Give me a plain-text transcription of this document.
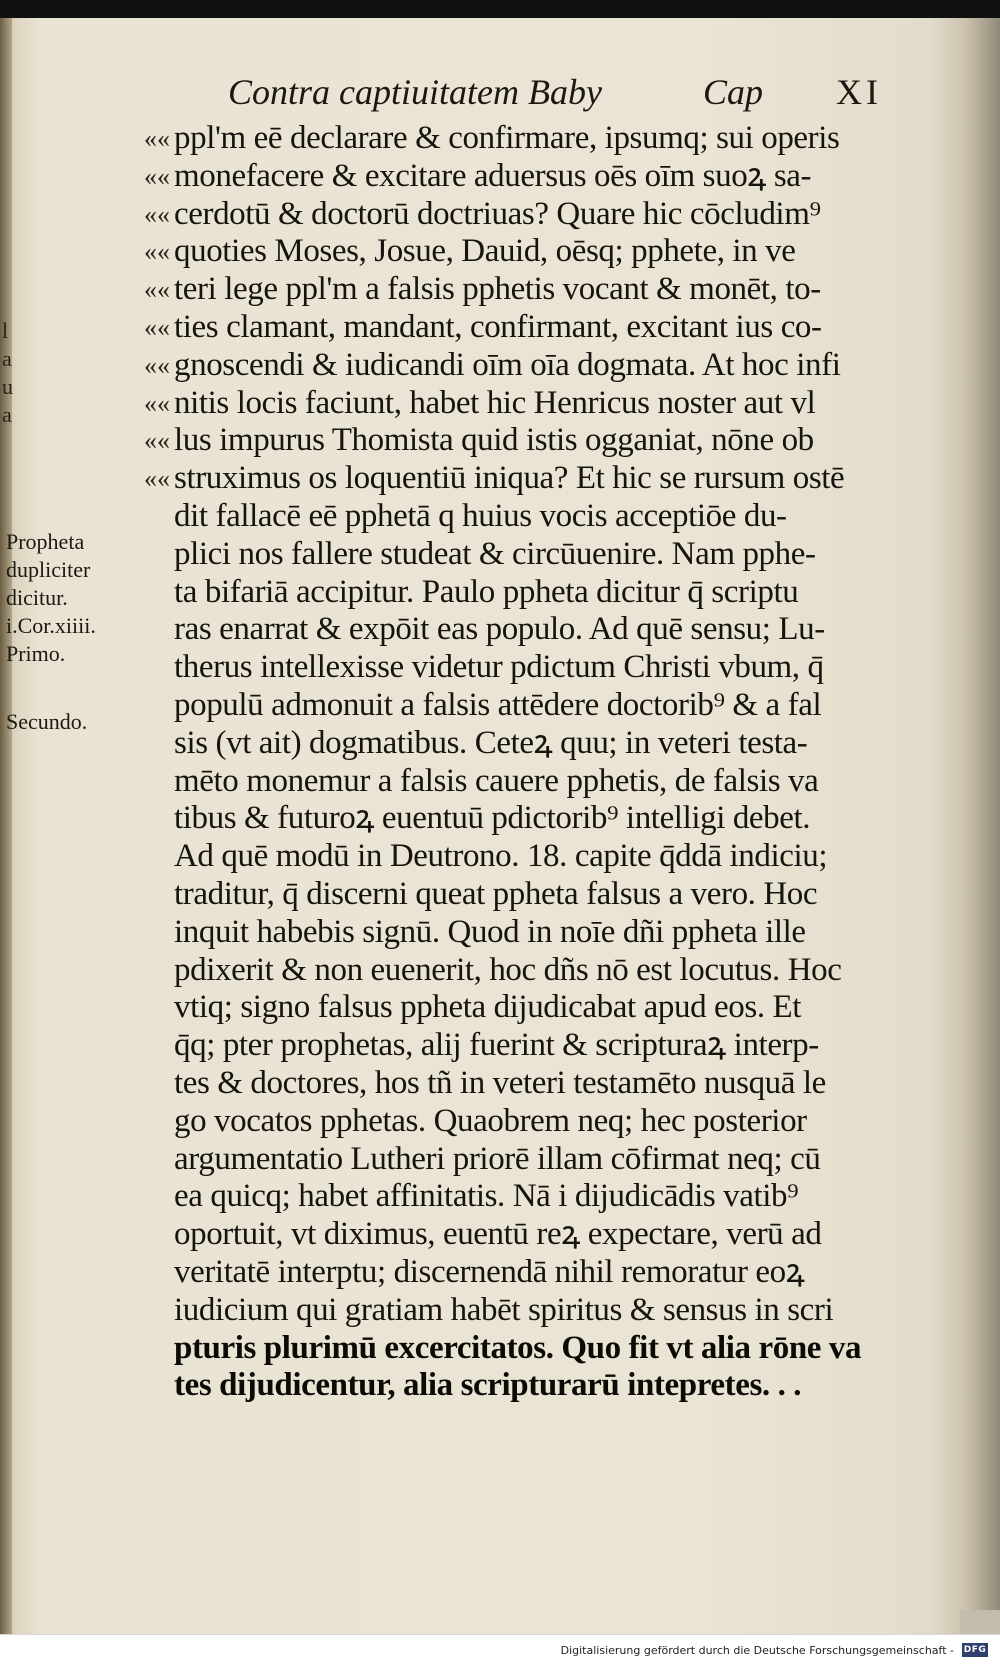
Contra captiuitatem Baby	Cap XI
««
««
««
««
««
««
««
««
««
««
l
a
u
a
Propheta
dupliciter
dicitur.
i.Cor.xiiii.
Primo.
Secundo.
ppl'm eē declarare & confirmare, ipsumq; sui operis
monefacere & excitare aduersus oēs oīm suoꝝ sa-
cerdotū & doctorū doctriuas? Quare hic cōcludim⁹
quoties Moses, Josue, Dauid, oēsq; pphete, in ve
teri lege ppl'm a falsis pphetis vocant & monēt, to-
ties clamant, mandant, confirmant, excitant ius co-
gnoscendi & iudicandi oīm oīa dogmata. At hoc infi
nitis locis faciunt, habet hic Henricus noster aut vl
lus impurus Thomista quid istis ogganiat, nōne ob
struximus os loquentiū iniqua? Et hic se rursum ostē
dit fallacē eē pphetā q huius vocis acceptiōe du-
plici nos fallere studeat & circūuenire. Nam pphe-
ta bifariā accipitur. Paulo ppheta dicitur q̄ scriptu
ras enarrat & expōit eas populo. Ad quē sensu; Lu-
therus intellexisse videtur pdictum Christi vbum, q̄
populū admonuit a falsis attēdere doctorib⁹ & a fal
sis (vt ait) dogmatibus. Ceteꝝ quu; in veteri testa-
mēto monemur a falsis cauere pphetis, de falsis va
tibus & futuroꝝ euentuū pdictorib⁹ intelligi debet.
Ad quē modū in Deutrono. 18. capite q̄ddā indiciu;
traditur, q̄ discerni queat ppheta falsus a vero. Hoc
inquit habebis signū. Quod in noīe dñi ppheta ille
pdixerit & non euenerit, hoc dñs nō est locutus. Hoc
vtiq; signo falsus ppheta dijudicabat apud eos. Et
q̄q; pter prophetas, alij fuerint & scripturaꝝ interp-
tes & doctores, hos tñ in veteri testamēto nusquā le
go vocatos pphetas. Quaobrem neq; hec posterior
argumentatio Lutheri priorē illam cōfirmat neq; cū
ea quicq; habet affinitatis. Nā i dijudicādis vatib⁹
oportuit, vt diximus, euentū reꝝ expectare, verū ad
veritatē interptu; discernendā nihil remoratur eoꝝ
iudicium qui gratiam habēt spiritus & sensus in scri
pturis plurimū excercitatos. Quo fit vt alia rōne va
tes dijudicentur, alia scripturarū intepretes. . .
Digitalisierung gefördert durch die Deutsche Forschungsgemeinschaft - DFG
